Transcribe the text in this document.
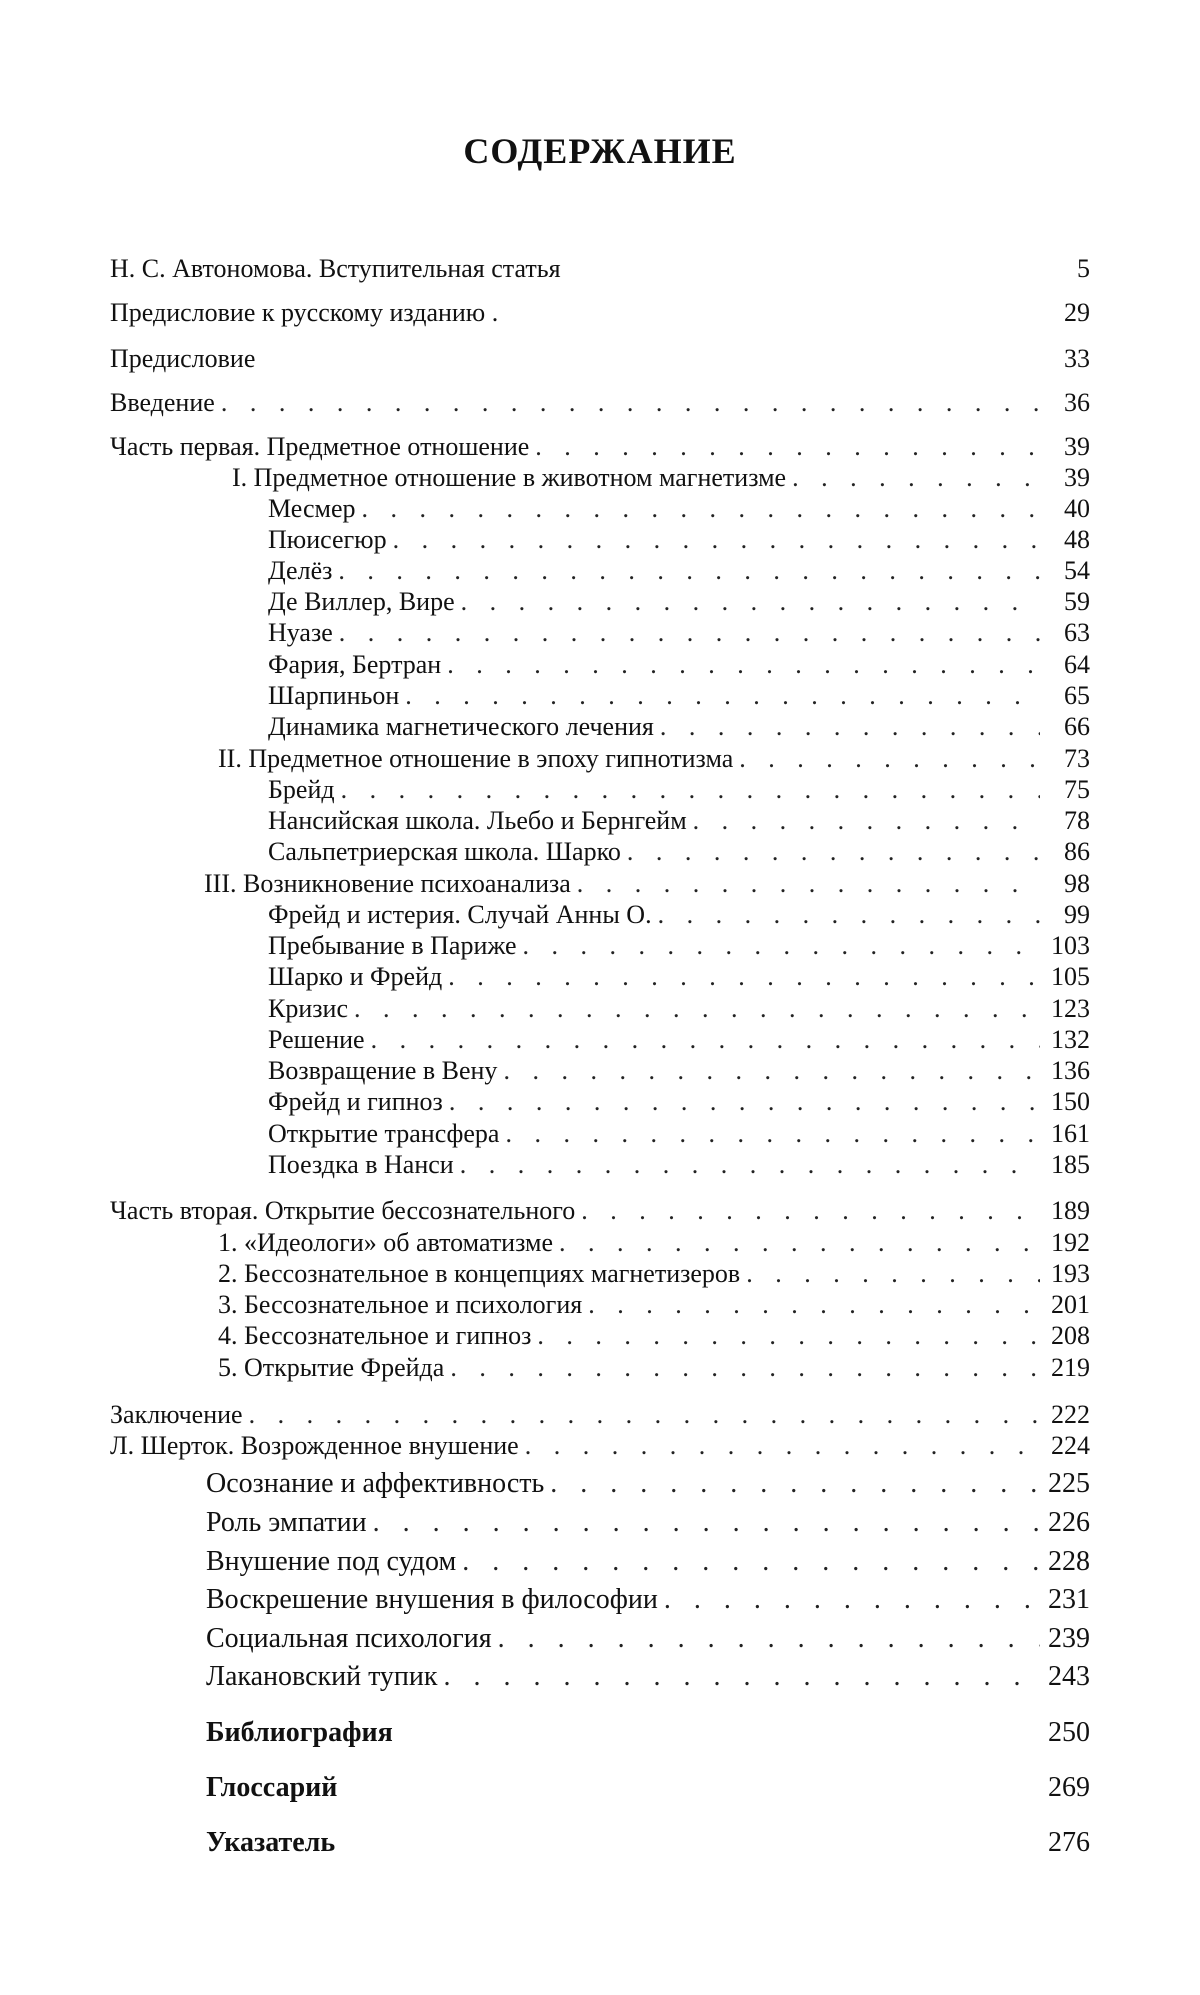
СОДЕРЖАНИЕ
Н. С. Автономова. Вступительная статья	5
Предисловие к русскому изданию .	29
Предисловие	33
Введение . . .	36
Часть первая. Предметное отношение . . .	39
I. Предметное отношение в животном магнетизме . . .	39
Месмер . . .	40
Пюисегюр . . .	48
Делёз . . .	54
Де Виллер, Вире . . .	59
Нуазе . . .	63
Фария, Бертран . . .	64
Шарпиньон . . .	65
Динамика магнетического лечения . . .	66
II. Предметное отношение в эпоху гипнотизма . . .	73
Брейд . . .	75
Нансийская школа. Льебо и Бернгейм . . .	78
Сальпетриерская школа. Шарко . . .	86
III. Возникновение психоанализа . . .	98
Фрейд и истерия. Случай Анны О. . . .	99
Пребывание в Париже . . .	103
Шарко и Фрейд . . .	105
Кризис . . .	123
Решение . . .	132
Возвращение в Вену . . .	136
Фрейд и гипноз . . .	150
Открытие трансфера . . .	161
Поездка в Нанси . . .	185
Часть вторая. Открытие бессознательного . . .	189
1. «Идеологи» об автоматизме . . .	192
2. Бессознательное в концепциях магнетизеров . . .	193
3. Бессознательное и психология . . .	201
4. Бессознательное и гипноз . . .	208
5. Открытие Фрейда . . .	219
Заключение . . .	222
Л. Шерток. Возрожденное внушение . . .	224
Осознание и аффективность . . .	225
Роль эмпатии . . .	226
Внушение под судом . . .	228
Воскрешение внушения в философии . . .	231
Социальная психология . . .	239
Лакановский тупик . . .	243
Библиография	250
Глоссарий	269
Указатель	276
